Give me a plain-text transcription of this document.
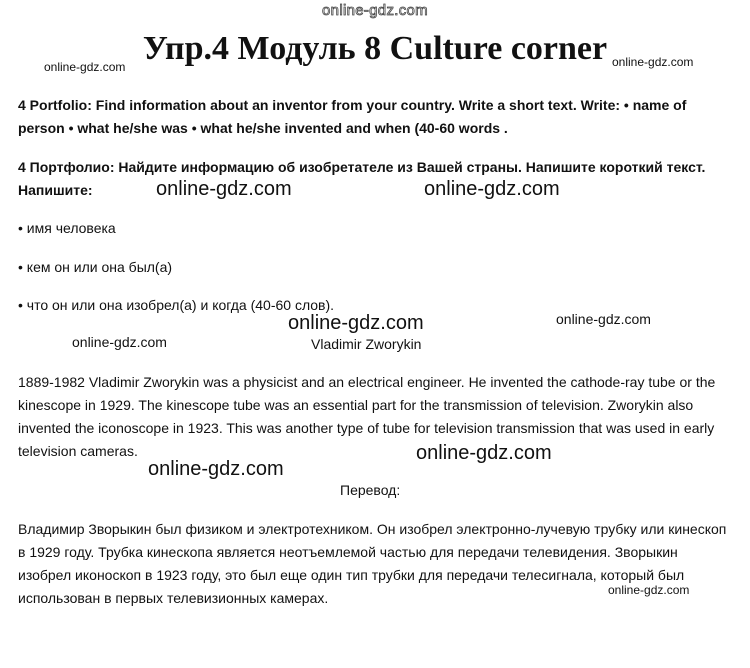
online-gdz.com
Упр.4 Модуль 8 Culture corner
online-gdz.com	online-gdz.com
4 Portfolio: Find information about an inventor from your country. Write a short text. Write: • name of person • what he/she was • what he/she invented and when (40-60 words .
4 Портфолио: Найдите информацию об изобретателе из Вашей страны. Напишите короткий текст. Напишите:	online-gdz.com	online-gdz.com
• имя человека
• кем он или она был(а)
• что он или она изобрел(а) и когда (40-60 слов).
online-gdz.com	online-gdz.com
online-gdz.com	Vladimir Zworykin
1889-1982 Vladimir Zworykin was a physicist and an electrical engineer. He invented the cathode-ray tube or the kinescope in 1929. The kinescope tube was an essential part for the transmission of television. Zworykin also invented the iconoscope in 1923. This was another type of tube for television transmission that was used in early television cameras.	online-gdz.com
online-gdz.com
Перевод:
Владимир Зворыкин был физиком и электротехником. Он изобрел электронно-лучевую трубку или кинескоп в 1929 году. Трубка кинескопа является неотъемлемой частью для передачи телевидения. Зворыкин изобрел иконоскоп в 1923 году, это был еще один тип трубки для передачи телесигнала, который был использован в первых телевизионных камерах.	online-gdz.com
